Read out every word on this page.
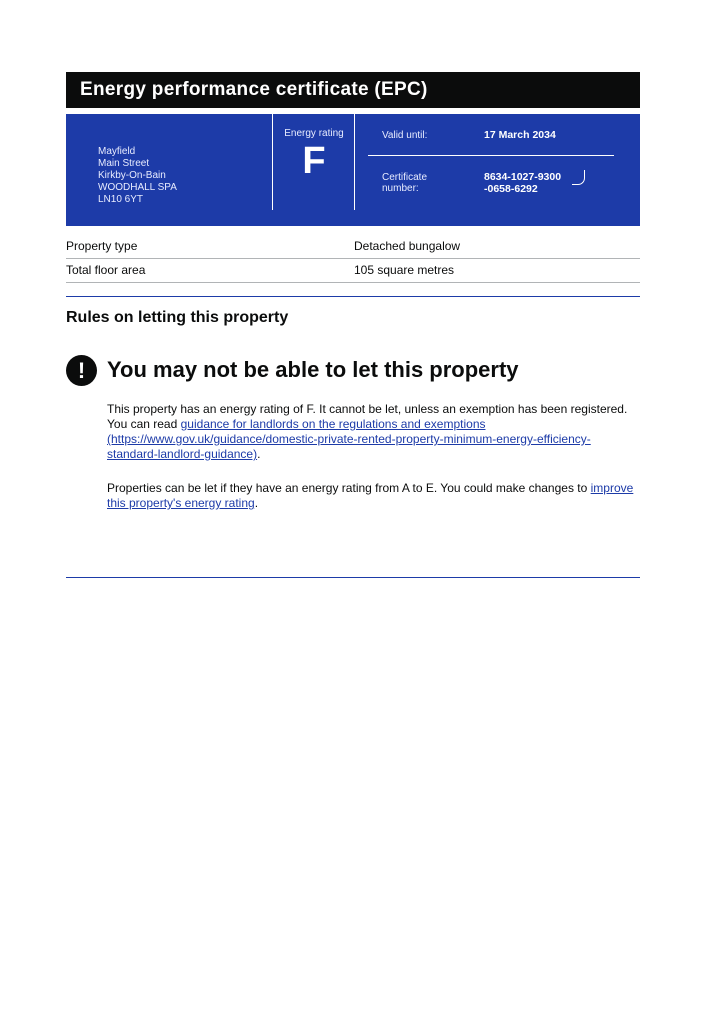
Energy performance certificate (EPC)
Mayfield
Main Street
Kirkby-On-Bain
WOODHALL SPA
LN10 6YT
Energy rating
F
Valid until:	17 March 2034
Certificate
number:
8634-1027-9300
-0658-6292
Property type	Detached bungalow
Total floor area	105 square metres
Rules on letting this property
! You may not be able to let this property
This property has an energy rating of F. It cannot be let, unless an exemption has been registered. You can read guidance for landlords on the regulations and exemptions (https://www.gov.uk/guidance/domestic-private-rented-property-minimum-energy-efficiency-standard-landlord-guidance).
Properties can be let if they have an energy rating from A to E. You could make changes to improve this property's energy rating.
